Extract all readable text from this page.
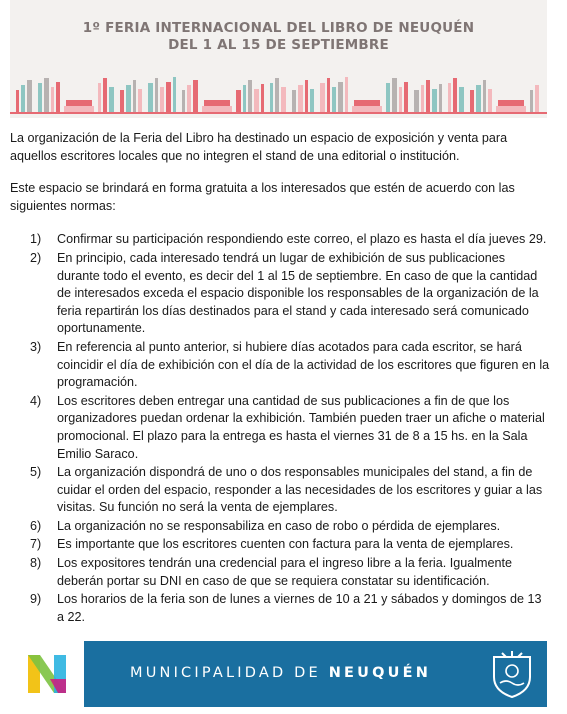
1º FERIA INTERNACIONAL DEL LIBRO DE NEUQUÉN
DEL 1 AL 15 DE SEPTIEMBRE

La organización de la Feria del Libro ha destinado un espacio de exposición y venta para aquellos escritores locales que no integren el stand de una editorial o institución.

Este espacio se brindará en forma gratuita a los interesados que estén de acuerdo con las siguientes normas:

1) Confirmar su participación respondiendo este correo, el plazo es hasta el día jueves 29.
2) En principio, cada interesado tendrá un lugar de exhibición de sus publicaciones durante todo el evento, es decir del 1 al 15 de septiembre. En caso de que la cantidad de interesados exceda el espacio disponible los responsables de la organización de la feria repartirán los días destinados para el stand y cada interesado será comunicado oportunamente.
3) En referencia al punto anterior, si hubiere días acotados para cada escritor, se hará coincidir el día de exhibición con el día de la actividad de los escritores que figuren en la programación.
4) Los escritores deben entregar una cantidad de sus publicaciones a fin de que los organizadores puedan ordenar la exhibición. También pueden traer un afiche o material promocional. El plazo para la entrega es hasta el viernes 31 de 8 a 15 hs. en la Sala Emilio Saraco.
5) La organización dispondrá de uno o dos responsables municipales del stand, a fin de cuidar el orden del espacio, responder a las necesidades de los escritores y guiar a las visitas. Su función no será la venta de ejemplares.
6) La organización no se responsabiliza en caso de robo o pérdida de ejemplares.
7) Es importante que los escritores cuenten con factura para la venta de ejemplares.
8) Los expositores tendrán una credencial para el ingreso libre a la feria. Igualmente deberán portar su DNI en caso de que se requiera constatar su identificación.
9) Los horarios de la feria son de lunes a viernes de 10 a 21 y sábados y domingos de 13 a 22.
MUNICIPALIDAD DE NEUQUÉN
